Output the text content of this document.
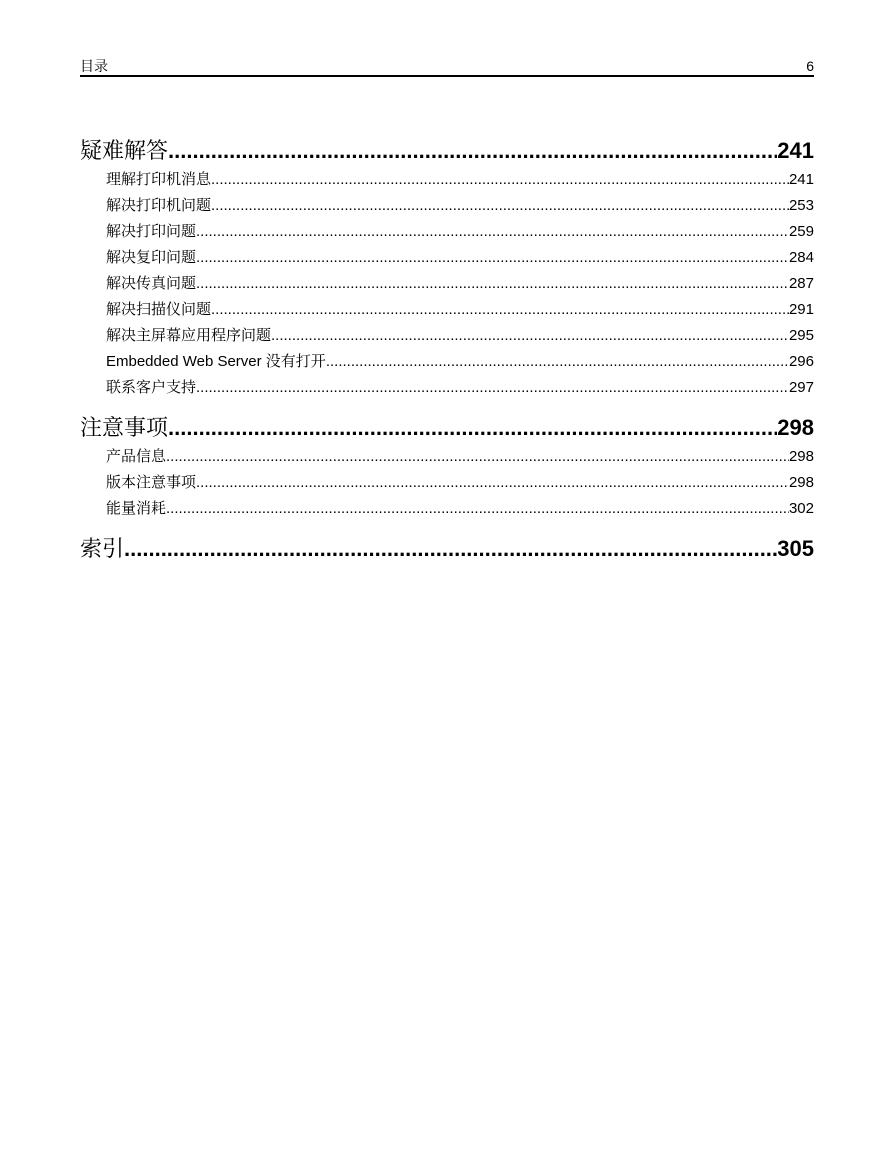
目录	6
疑难解答 .....	241
理解打印机消息 .....	241
解决打印机问题 .....	253
解决打印问题 .....	259
解决复印问题 .....	284
解决传真问题 .....	287
解决扫描仪问题 .....	291
解决主屏幕应用程序问题 .....	295
Embedded Web Server 没有打开 .....	296
联系客户支持 .....	297
注意事项 .....	298
产品信息 .....	298
版本注意事项 .....	298
能量消耗 .....	302
索引 .....	305
